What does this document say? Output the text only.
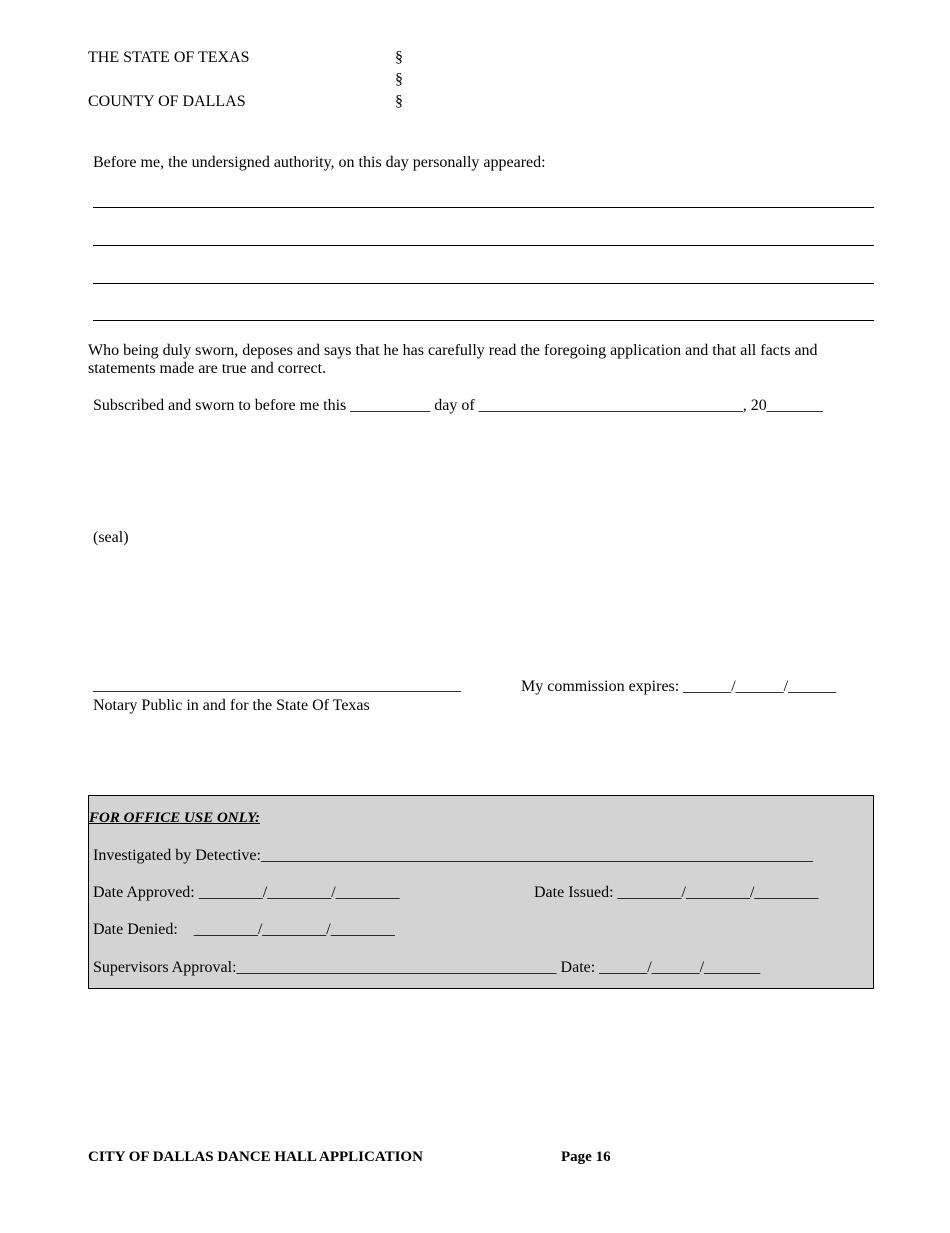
THE STATE OF TEXAS	§
§
COUNTY OF DALLAS	§
Before me, the undersigned authority, on this day personally appeared:
Who being duly sworn, deposes and says that he has carefully read the foregoing application and that all facts and statements made are true and correct.
Subscribed and sworn to before me this __________ day of _________________________________, 20_______
(seal)
______________________________________________	My commission expires: ______/______/______
Notary Public in and for the State Of Texas
FOR OFFICE USE ONLY:
Investigated by Detective:_____________________________________________________________________
Date Approved: ________/________/________	Date Issued: ________/________/________
Date Denied:    ________/________/________
Supervisors Approval:________________________________________ Date: ______/______/_______
CITY OF DALLAS DANCE HALL APPLICATION	Page 16
